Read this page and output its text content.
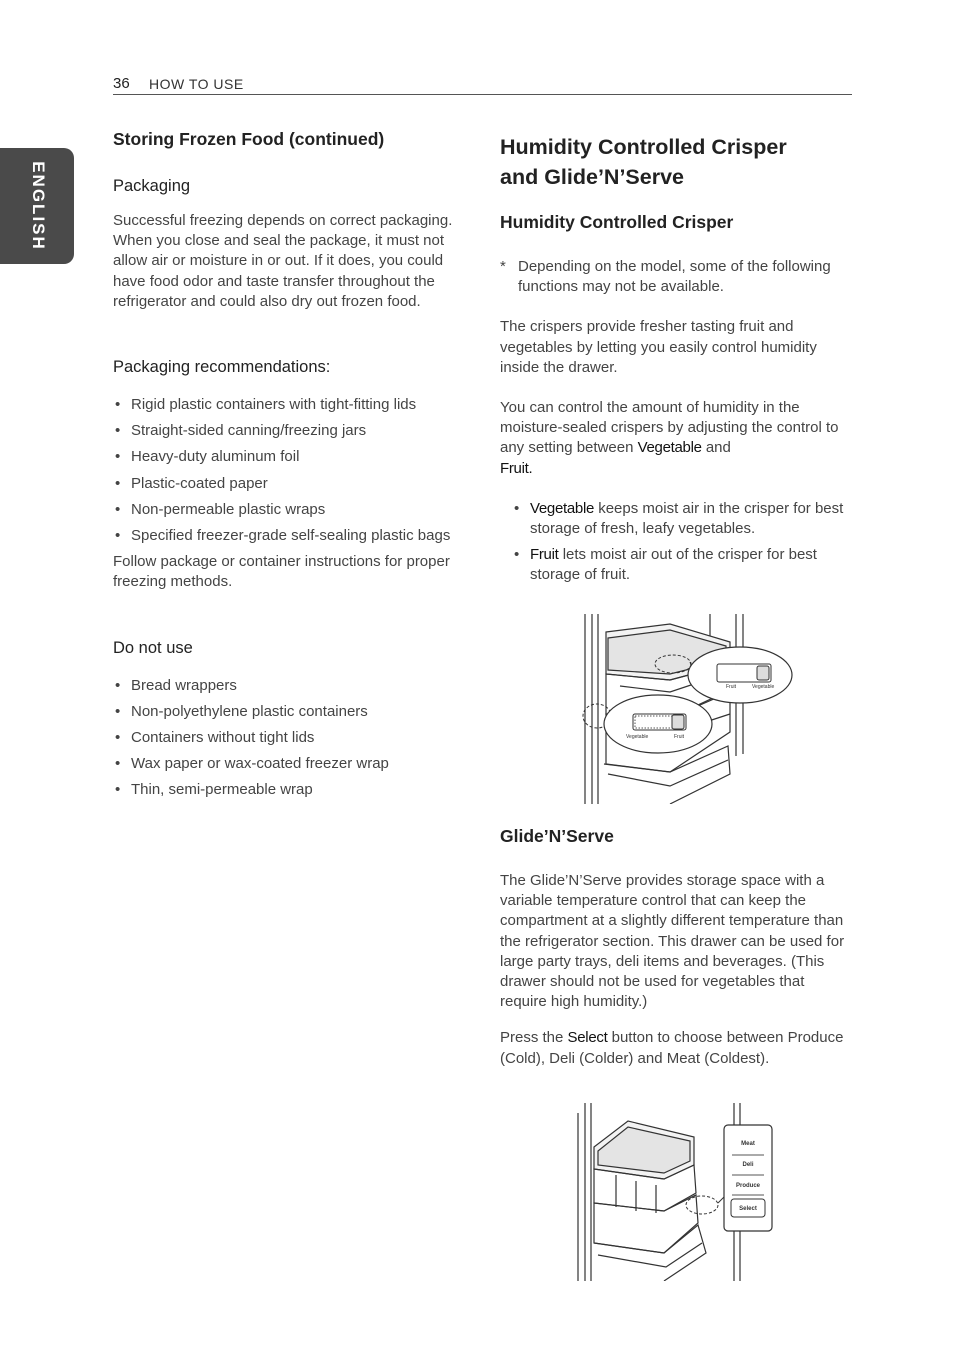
36 HOW TO USE
ENGLISH
Storing Frozen Food (continued)
Packaging

Successful freezing depends on correct packaging. When you close and seal the package, it must not allow air or moisture in or out. If it does, you could have food odor and taste transfer throughout the refrigerator and could also dry out frozen food.

Packaging recommendations:
• Rigid plastic containers with tight-fitting lids
• Straight-sided canning/freezing jars
• Heavy-duty aluminum foil
• Plastic-coated paper
• Non-permeable plastic wraps
• Specified freezer-grade self-sealing plastic bags

Follow package or container instructions for proper freezing methods.

Do not use
• Bread wrappers
• Non-polyethylene plastic containers
• Containers without tight lids
• Wax paper or wax-coated freezer wrap
• Thin, semi-permeable wrap
Humidity Controlled Crisper
and Glide’N’Serve
Humidity Controlled Crisper
* Depending on the model, some of the following functions may not be available.

The crispers provide fresher tasting fruit and vegetables by letting you easily control humidity inside the drawer.

You can control the amount of humidity in the moisture-sealed crispers by adjusting the control to any setting between Vegetable and
Fruit.

• Vegetable keeps moist air in the crisper for best storage of fresh, leafy vegetables.
• Fruit lets moist air out of the crisper for best storage of fruit.
Fruit	Vegetable
Vegetable	Fruit
Glide’N’Serve

The Glide’N’Serve provides storage space with a variable temperature control that can keep the compartment at a slightly different temperature than the refrigerator section. This drawer can be used for large party trays, deli items and beverages. (This drawer should not be used for vegetables that require high humidity.)

Press the Select button to choose between Produce (Cold), Deli (Colder) and Meat (Coldest).

Meat
Deli
Produce
Select
